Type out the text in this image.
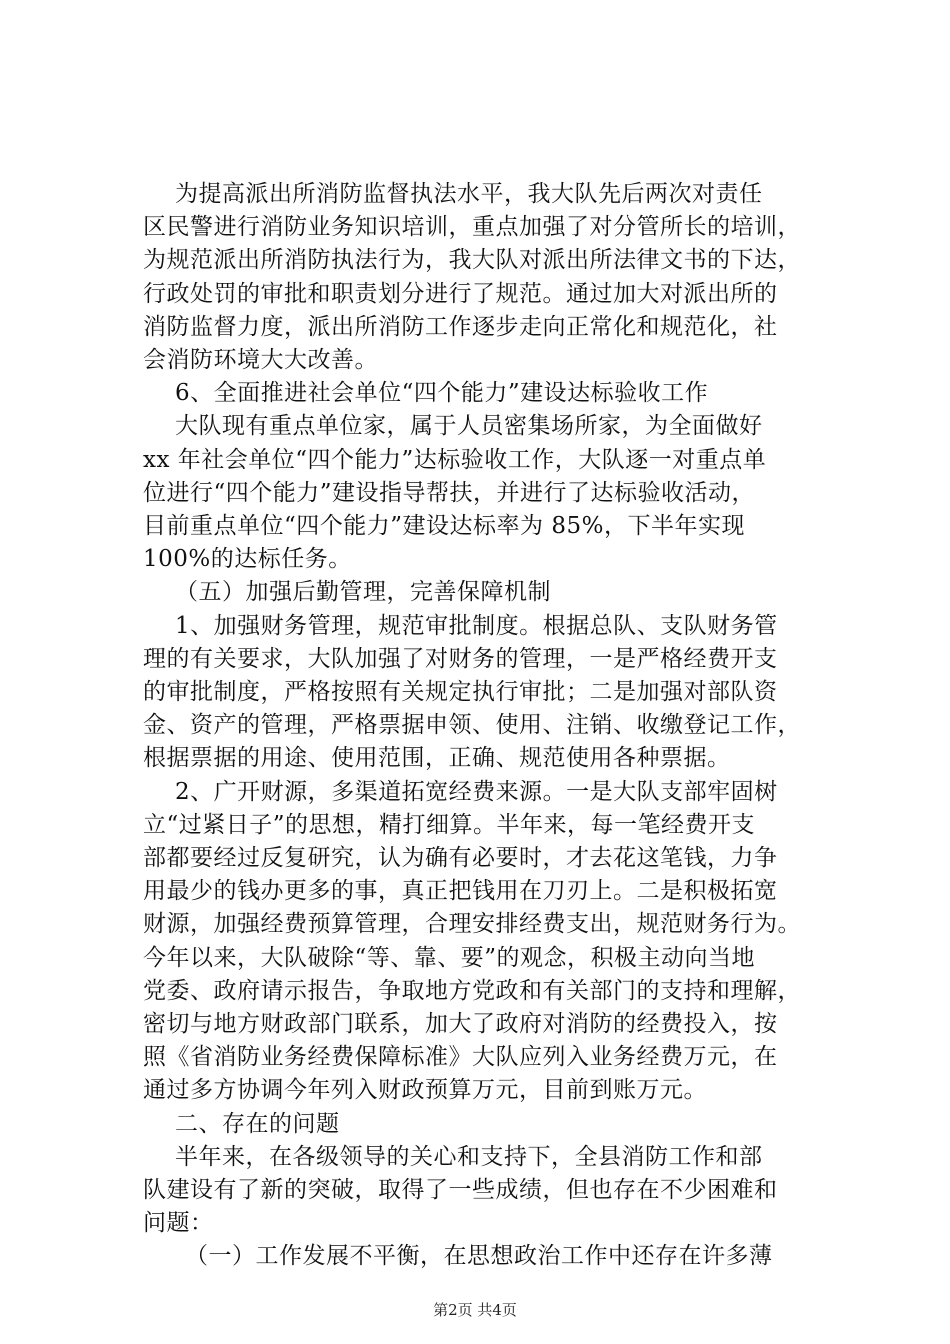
为提高派出所消防监督执法水平，我大队先后两次对责任
区民警进行消防业务知识培训，重点加强了对分管所长的培训，
为规范派出所消防执法行为，我大队对派出所法律文书的下达，
行政处罚的审批和职责划分进行了规范。通过加大对派出所的
消防监督力度，派出所消防工作逐步走向正常化和规范化，社
会消防环境大大改善。
6、全面推进社会单位“四个能力”建设达标验收工作
大队现有重点单位家，属于人员密集场所家，为全面做好
xx 年社会单位“四个能力”达标验收工作，大队逐一对重点单
位进行“四个能力”建设指导帮扶，并进行了达标验收活动，
目前重点单位“四个能力”建设达标率为 85%，下半年实现
100%的达标任务。
（五）加强后勤管理，完善保障机制
1、加强财务管理，规范审批制度。根据总队、支队财务管
理的有关要求，大队加强了对财务的管理，一是严格经费开支
的审批制度，严格按照有关规定执行审批；二是加强对部队资
金、资产的管理，严格票据申领、使用、注销、收缴登记工作，
根据票据的用途、使用范围，正确、规范使用各种票据。
2、广开财源，多渠道拓宽经费来源。一是大队支部牢固树
立“过紧日子”的思想，精打细算。半年来，每一笔经费开支
部都要经过反复研究，认为确有必要时，才去花这笔钱，力争
用最少的钱办更多的事，真正把钱用在刀刃上。二是积极拓宽
财源，加强经费预算管理，合理安排经费支出，规范财务行为。
今年以来，大队破除“等、靠、要”的观念，积极主动向当地
党委、政府请示报告，争取地方党政和有关部门的支持和理解，
密切与地方财政部门联系，加大了政府对消防的经费投入，按
照《省消防业务经费保障标准》大队应列入业务经费万元，在
通过多方协调今年列入财政预算万元，目前到账万元。
二、存在的问题
半年来，在各级领导的关心和支持下，全县消防工作和部
队建设有了新的突破，取得了一些成绩，但也存在不少困难和
问题：
（一）工作发展不平衡，在思想政治工作中还存在许多薄
第2页 共4页
